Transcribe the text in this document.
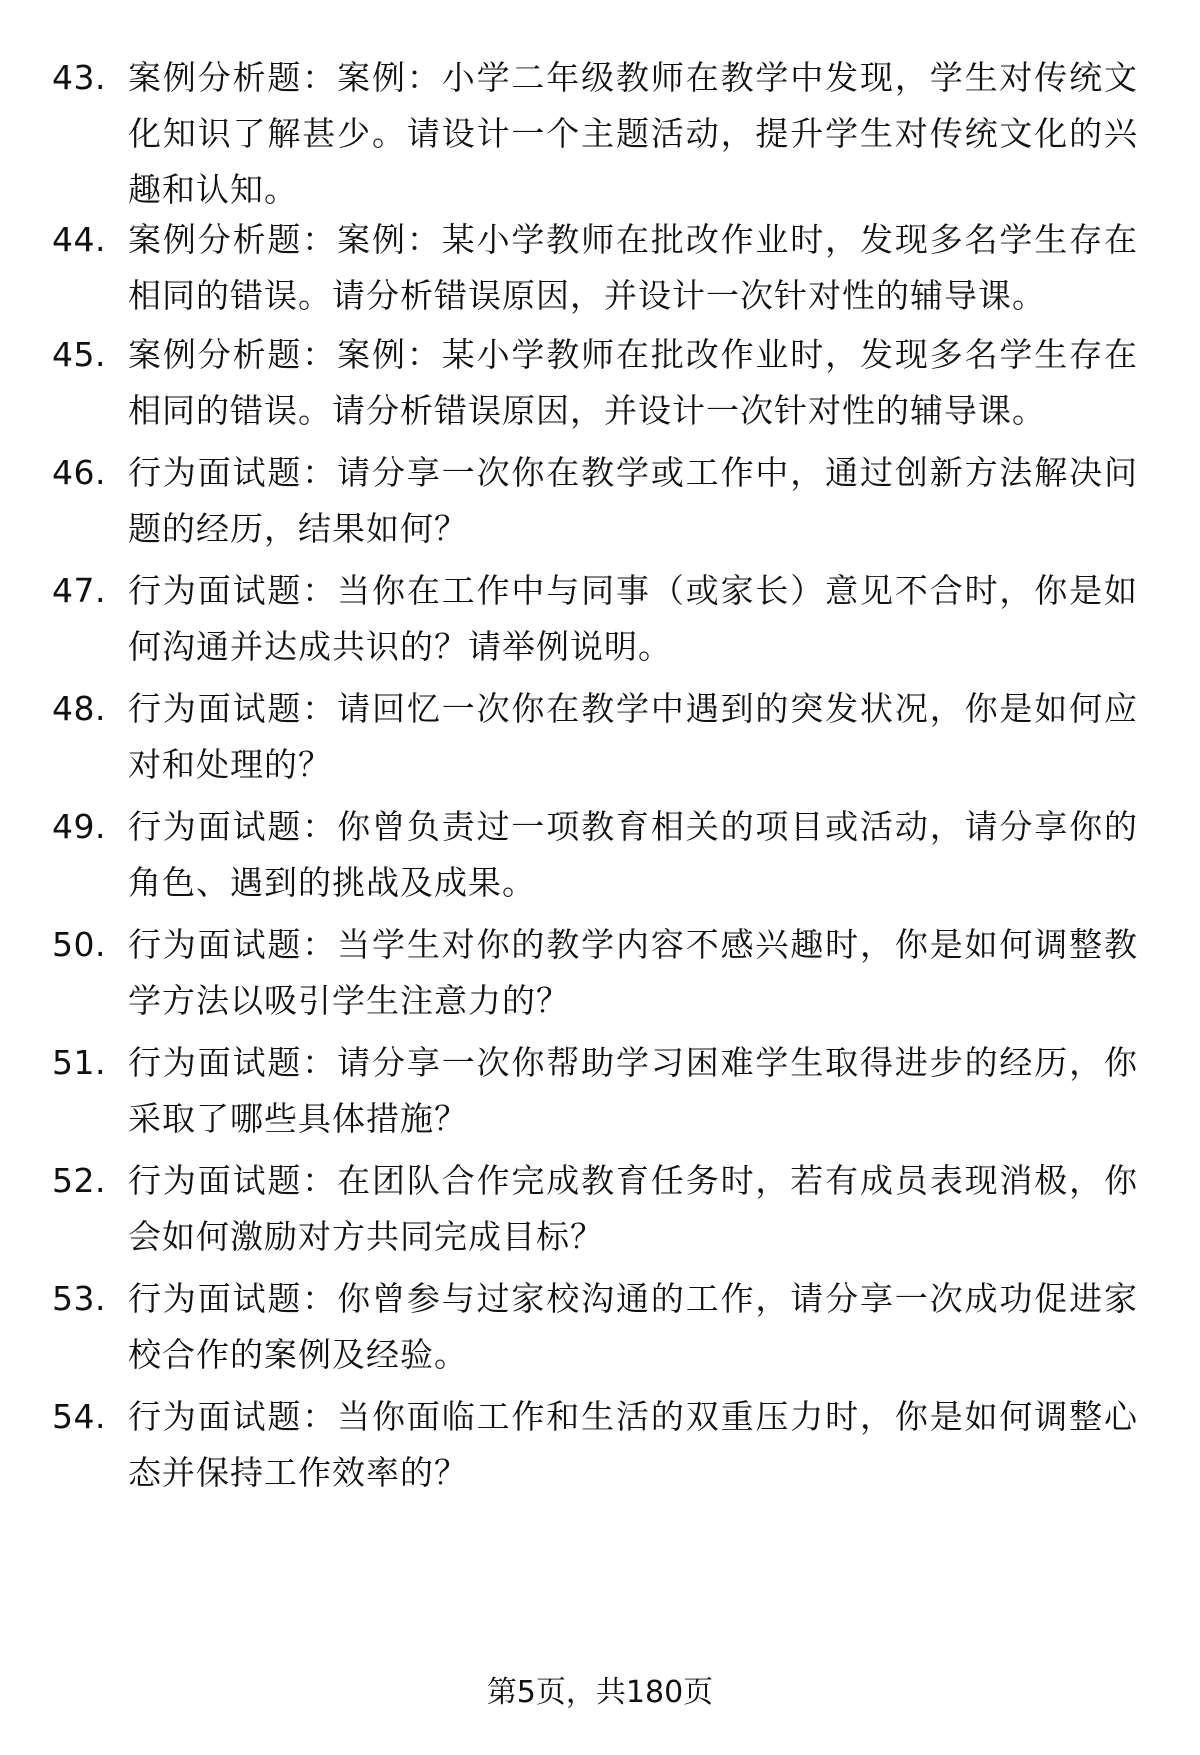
43. 案例分析题：案例：小学二年级教师在教学中发现，学生对传统文化知识了解甚少。请设计一个主题活动，提升学生对传统文化的兴趣和认知。
44. 案例分析题：案例：某小学教师在批改作业时，发现多名学生存在相同的错误。请分析错误原因，并设计一次针对性的辅导课。
45. 案例分析题：案例：某小学教师在批改作业时，发现多名学生存在相同的错误。请分析错误原因，并设计一次针对性的辅导课。
46. 行为面试题：请分享一次你在教学或工作中，通过创新方法解决问题的经历，结果如何？
47. 行为面试题：当你在工作中与同事（或家长）意见不合时，你是如何沟通并达成共识的？请举例说明。
48. 行为面试题：请回忆一次你在教学中遇到的突发状况，你是如何应对和处理的？
49. 行为面试题：你曾负责过一项教育相关的项目或活动，请分享你的角色、遇到的挑战及成果。
50. 行为面试题：当学生对你的教学内容不感兴趣时，你是如何调整教学方法以吸引学生注意力的？
51. 行为面试题：请分享一次你帮助学习困难学生取得进步的经历，你采取了哪些具体措施？
52. 行为面试题：在团队合作完成教育任务时，若有成员表现消极，你会如何激励对方共同完成目标？
53. 行为面试题：你曾参与过家校沟通的工作，请分享一次成功促进家校合作的案例及经验。
54. 行为面试题：当你面临工作和生活的双重压力时，你是如何调整心态并保持工作效率的？
第5页，共180页
